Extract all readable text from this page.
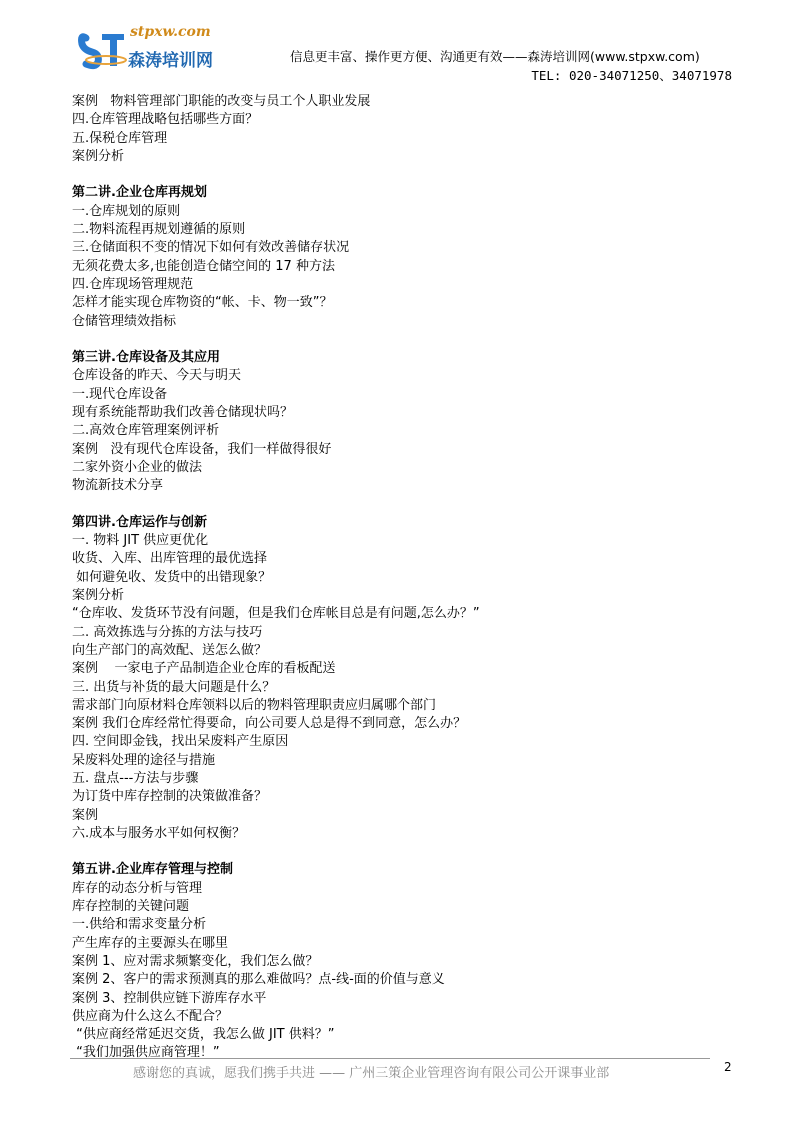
stpxw.com
森涛培训网	信息更丰富、操作更方便、沟通更有效——森涛培训网(www.stpxw.com)
TEL: 020-34071250、34071978
案例   物料管理部门职能的改变与员工个人职业发展
四.仓库管理战略包括哪些方面？
五.保税仓库管理
案例分析
第二讲.企业仓库再规划
一.仓库规划的原则
二.物料流程再规划遵循的原则
三.仓储面积不变的情况下如何有效改善储存状况
无须花费太多,也能创造仓储空间的 17 种方法
四.仓库现场管理规范
怎样才能实现仓库物资的“帐、卡、物一致”？
仓储管理绩效指标
第三讲.仓库设备及其应用
仓库设备的昨天、今天与明天
一.现代仓库设备
现有系统能帮助我们改善仓储现状吗？
二.高效仓库管理案例评析
案例   没有现代仓库设备，我们一样做得很好
二家外资小企业的做法
物流新技术分享
第四讲.仓库运作与创新
一. 物料 JIT 供应更优化
收货、入库、出库管理的最优选择
如何避免收、发货中的出错现象？
案例分析
“仓库收、发货环节没有问题，但是我们仓库帐目总是有问题,怎么办？”
二. 高效拣选与分拣的方法与技巧
向生产部门的高效配、送怎么做？
案例    一家电子产品制造企业仓库的看板配送
三. 出货与补货的最大问题是什么？
需求部门向原材料仓库领料以后的物料管理职责应归属哪个部门
案例 我们仓库经常忙得要命，向公司要人总是得不到同意，怎么办？
四. 空间即金钱，找出呆废料产生原因
呆废料处理的途径与措施
五. 盘点---方法与步骤
为订货中库存控制的决策做准备？
案例
六.成本与服务水平如何权衡？
第五讲.企业库存管理与控制
库存的动态分析与管理
库存控制的关键问题
一.供给和需求变量分析
产生库存的主要源头在哪里
案例 1、应对需求频繁变化，我们怎么做？
案例 2、客户的需求预测真的那么难做吗？点-线-面的价值与意义
案例 3、控制供应链下游库存水平
供应商为什么这么不配合？
“供应商经常延迟交货，我怎么做 JIT 供料？”
“我们加强供应商管理！”
感谢您的真诚，愿我们携手共进 —— 广州三策企业管理咨询有限公司公开课事业部	2
